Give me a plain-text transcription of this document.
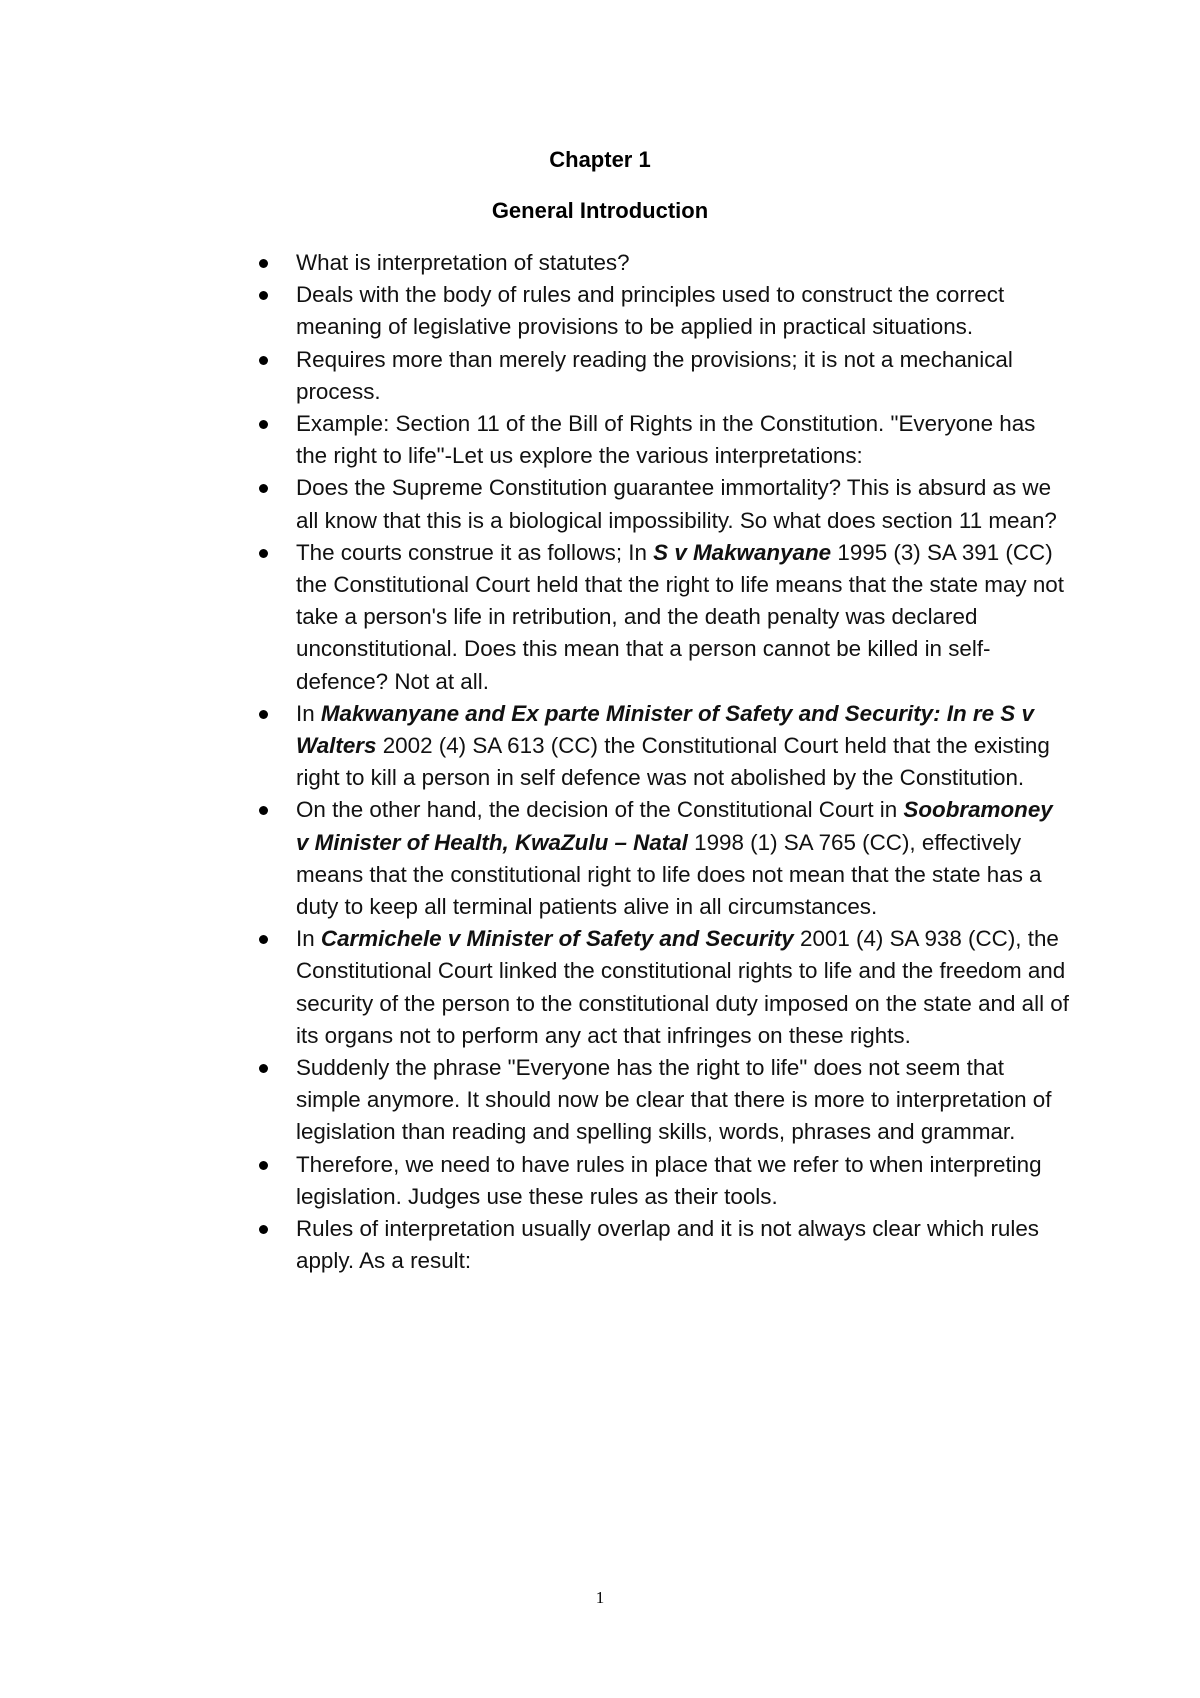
Chapter 1
General Introduction
What is interpretation of statutes?
Deals with the body of rules and principles used to construct the correct meaning of legislative provisions to be applied in practical situations.
Requires more than merely reading the provisions; it is not a mechanical process.
Example: Section 11 of the Bill of Rights in the Constitution. "Everyone has the right to life"-Let us explore the various interpretations:
Does the Supreme Constitution guarantee immortality? This is absurd as we all know that this is a biological impossibility. So what does section 11 mean?
The courts construe it as follows; In S v Makwanyane 1995 (3) SA 391 (CC) the Constitutional Court held that the right to life means that the state may not take a person's life in retribution, and the death penalty was declared unconstitutional. Does this mean that a person cannot be killed in self-defence? Not at all.
In Makwanyane and Ex parte Minister of Safety and Security: In re S v Walters 2002 (4) SA 613 (CC) the Constitutional Court held that the existing right to kill a person in self defence was not abolished by the Constitution.
On the other hand, the decision of the Constitutional Court in Soobramoney v Minister of Health, KwaZulu – Natal 1998 (1) SA 765 (CC), effectively means that the constitutional right to life does not mean that the state has a duty to keep all terminal patients alive in all circumstances.
In Carmichele v Minister of Safety and Security 2001 (4) SA 938 (CC), the Constitutional Court linked the constitutional rights to life and the freedom and security of the person to the constitutional duty imposed on the state and all of its organs not to perform any act that infringes on these rights.
Suddenly the phrase "Everyone has the right to life" does not seem that simple anymore. It should now be clear that there is more to interpretation of legislation than reading and spelling skills, words, phrases and grammar.
Therefore, we need to have rules in place that we refer to when interpreting legislation. Judges use these rules as their tools.
Rules of interpretation usually overlap and it is not always clear which rules apply. As a result:
1
